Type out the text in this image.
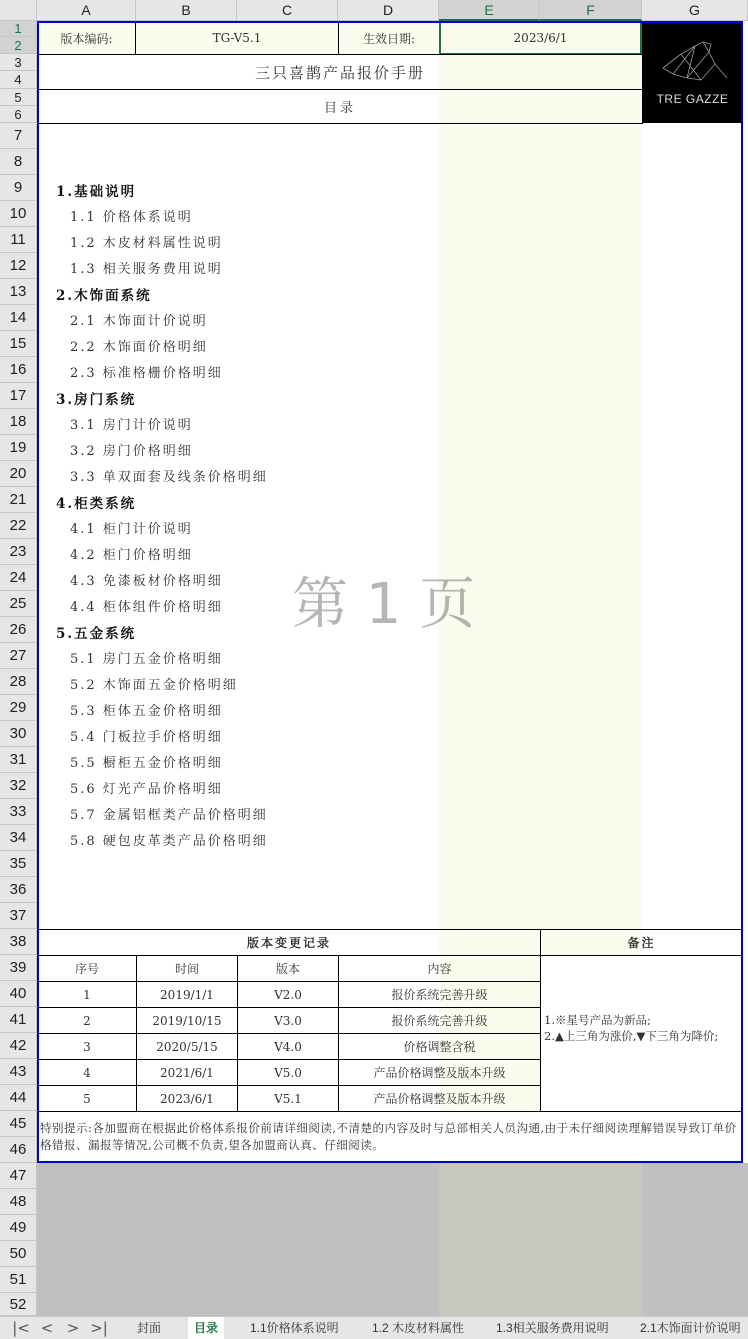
A	B	C	D	E	F	G
1
2
3
4
5
6
7
8
9
10
11
12
13
14
15
16
17
18
19
20
21
22
23
24
25
26
27
28
29
30
31
32
33
34
35
36
37
38
39
40
41
42
43
44
45
46
47
48
49
50
51
52
版本编码:	TG-V5.1	生效日期:	2023/6/1
TRE GAZZE
三只喜鹊产品报价手册
目录
1.基础说明
1.1 价格体系说明
1.2 木皮材料属性说明
1.3 相关服务费用说明
2.木饰面系统
2.1 木饰面计价说明
2.2 木饰面价格明细
2.3 标准格栅价格明细
3.房门系统
3.1 房门计价说明
3.2 房门价格明细
3.3 单双面套及线条价格明细
4.柜类系统
4.1 柜门计价说明
4.2 柜门价格明细
4.3 免漆板材价格明细
4.4 柜体组件价格明细
5.五金系统
5.1 房门五金价格明细
5.2 木饰面五金价格明细
5.3 柜体五金价格明细
5.4 门板拉手价格明细
5.5 橱柜五金价格明细
5.6 灯光产品价格明细
5.7 金属铝框类产品价格明细
5.8 硬包皮革类产品价格明细
第 1 页
版本变更记录	备注
序号	时间	版本	内容
1	2019/1/1	V2.0	报价系统完善升级
2	2019/10/15	V3.0	报价系统完善升级
3	2020/5/15	V4.0	价格调整含税
4	2021/6/1	V5.0	产品价格调整及版本升级
5	2023/6/1	V5.1	产品价格调整及版本升级
1.※星号产品为新品;
2.▲上三角为涨价,▼下三角为降价;
特别提示:各加盟商在根据此价格体系报价前请详细阅读,不清楚的内容及时与总部相关人员沟通,由于未仔细阅读理解错误导致订单价格错报、漏报等情况,公司概不负责,望各加盟商认真、仔细阅读。
|< < > >|	封面	目录	1.1价格体系说明	1.2 木皮材料属性	1.3相关服务费用说明	2.1木饰面计价说明
